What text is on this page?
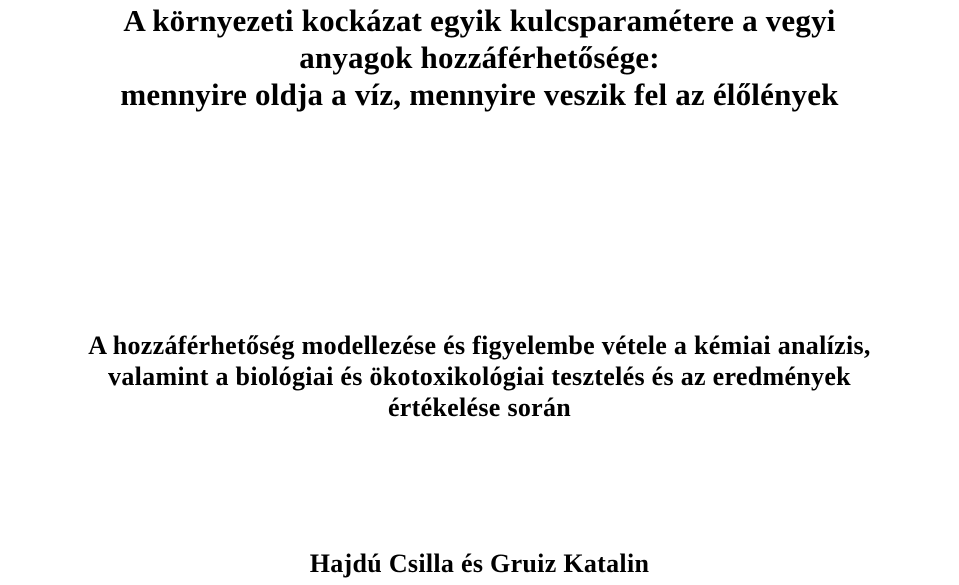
A környezeti kockázat egyik kulcsparamétere a vegyi
anyagok hozzáférhetősége:
mennyire oldja a víz, mennyire veszik fel az élőlények
A hozzáférhetőség modellezése és figyelembe vétele a kémiai analízis,
valamint a biológiai és ökotoxikológiai tesztelés és az eredmények
értékelése során

Hajdú Csilla és Gruiz Katalin
